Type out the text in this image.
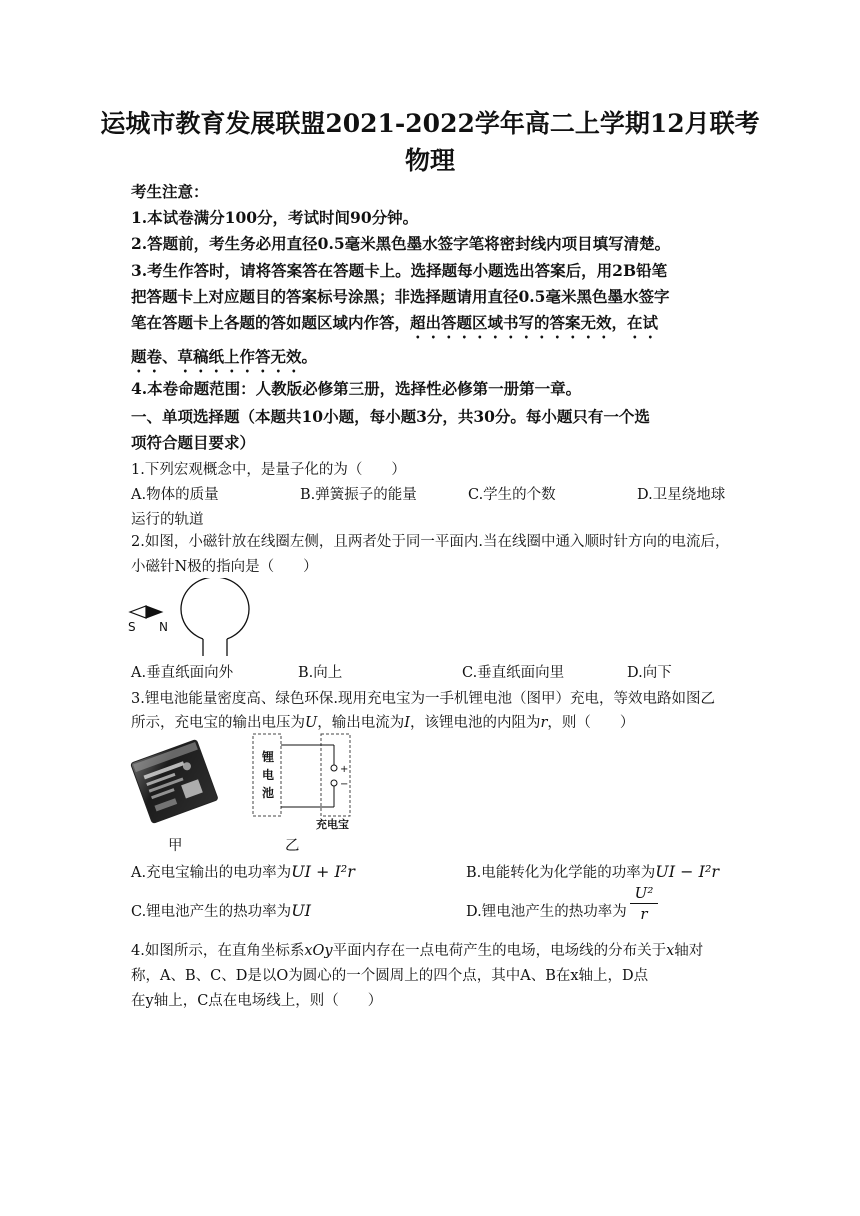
运城市教育发展联盟2021-2022学年高二上学期12月联考
物理
考生注意：
1.本试卷满分100分，考试时间90分钟。
2.答题前，考生务必用直径0.5毫米黑色墨水签字笔将密封线内项目填写清楚。
3.考生作答时，请将答案答在答题卡上。选择题每小题选出答案后，用2B铅笔
把答题卡上对应题目的答案标号涂黑；非选择题请用直径0.5毫米黑色墨水签字
笔在答题卡上各题的答如题区域内作答，超出答题区域书写的答案无效，在试
题卷、草稿纸上作答无效。
4.本卷命题范围：人教版必修第三册，选择性必修第一册第一章。
一、单项选择题（本题共10小题，每小题3分，共30分。每小题只有一个选
项符合题目要求）
1.下列宏观概念中，是量子化的为（　　）
A.物体的质量	B.弹簧振子的能量	C.学生的个数	D.卫星绕地球
运行的轨道
2.如图，小磁针放在线圈左侧，且两者处于同一平面内.当在线圈中通入顺时针方向的电流后，
小磁针N极的指向是（　　）
S N
A.垂直纸面向外	B.向上	C.垂直纸面向里	D.向下
3.锂电池能量密度高、绿色环保.现用充电宝为一手机锂电池（图甲）充电，等效电路如图乙
所示，充电宝的输出电压为U，输出电流为I，该锂电池的内阻为r，则（　　）
甲
锂
电
池
+
−
充电宝
乙
A.充电宝输出的电功率为UI + I²r	B.电能转化为化学能的功率为UI − I²r
C.锂电池产生的热功率为UI	D.锂电池产生的热功率为
U²
r
4.如图所示，在直角坐标系xOy平面内存在一点电荷产生的电场，电场线的分布关于x轴对
称，A、B、C、D是以O为圆心的一个圆周上的四个点，其中A、B在x轴上，D点
在y轴上，C点在电场线上，则（　　）
